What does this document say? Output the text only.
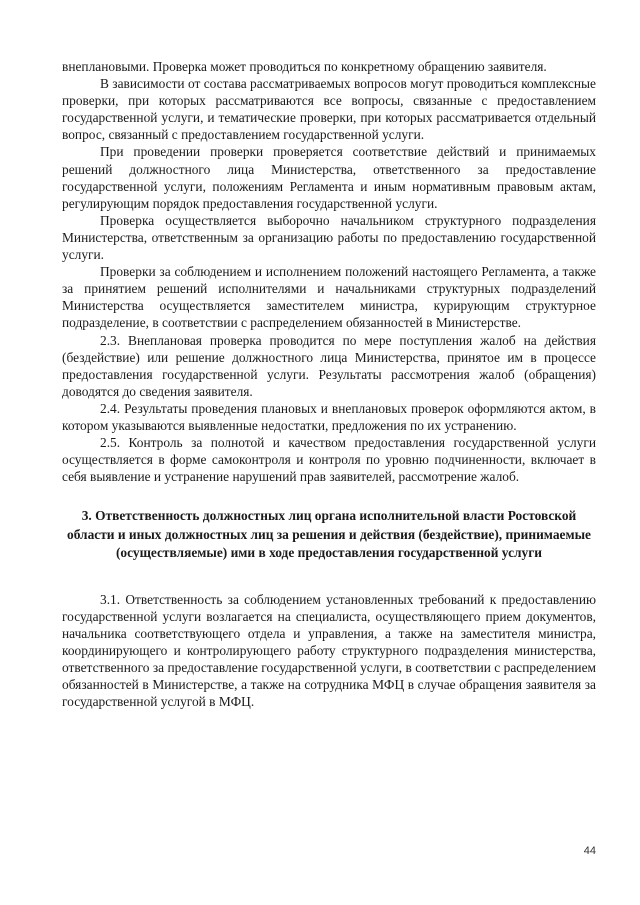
внеплановыми. Проверка может проводиться по конкретному обращению заявителя.

В зависимости от состава рассматриваемых вопросов могут проводиться комплексные проверки, при которых рассматриваются все вопросы, связанные с предоставлением государственной услуги, и тематические проверки, при которых рассматривается отдельный вопрос, связанный с предоставлением государственной услуги.

При проведении проверки проверяется соответствие действий и принимаемых решений должностного лица Министерства, ответственного за предоставление государственной услуги, положениям Регламента и иным нормативным правовым актам, регулирующим порядок предоставления государственной услуги.

Проверка осуществляется выборочно начальником структурного подразделения Министерства, ответственным за организацию работы по предоставлению государственной услуги.

Проверки за соблюдением и исполнением положений настоящего Регламента, а также за принятием решений исполнителями и начальниками структурных подразделений Министерства осуществляется заместителем министра, курирующим структурное подразделение, в соответствии с распределением обязанностей в Министерстве.

2.3. Внеплановая проверка проводится по мере поступления жалоб на действия (бездействие) или решение должностного лица Министерства, принятое им в процессе предоставления государственной услуги. Результаты рассмотрения жалоб (обращения) доводятся до сведения заявителя.

2.4. Результаты проведения плановых и внеплановых проверок оформляются актом, в котором указываются выявленные недостатки, предложения по их устранению.

2.5. Контроль за полнотой и качеством предоставления государственной услуги осуществляется в форме самоконтроля и контроля по уровню подчиненности, включает в себя выявление и устранение нарушений прав заявителей, рассмотрение жалоб.

3. Ответственность должностных лиц органа исполнительной власти Ростовской области и иных должностных лиц за решения и действия (бездействие), принимаемые (осуществляемые) ими в ходе предоставления государственной услуги

3.1. Ответственность за соблюдением установленных требований к предоставлению государственной услуги возлагается на специалиста, осуществляющего прием документов, начальника соответствующего отдела и управления, а также на заместителя министра, координирующего и контролирующего работу структурного подразделения министерства, ответственного за предоставление государственной услуги, в соответствии с распределением обязанностей в Министерстве, а также на сотрудника МФЦ в случае обращения заявителя за государственной услугой в МФЦ.

44
